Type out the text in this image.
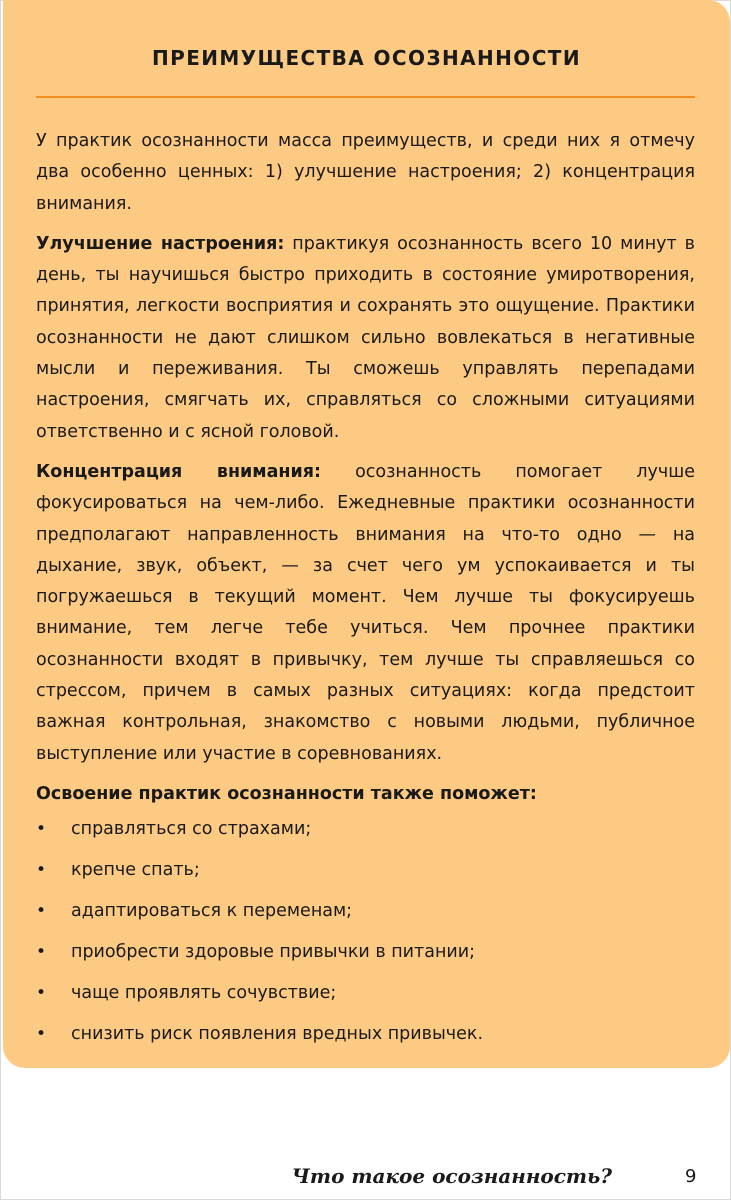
ПРЕИМУЩЕСТВА ОСОЗНАННОСТИ

У практик осознанности масса преимуществ, и среди них я отмечу два особенно ценных: 1) улучшение настроения; 2) концентрация внимания.

Улучшение настроения: практикуя осознанность всего 10 минут в день, ты научишься быстро приходить в состояние умиротворения, принятия, легкости восприятия и сохранять это ощущение. Практики осознанности не дают слишком сильно вовлекаться в негативные мысли и переживания. Ты сможешь управлять перепадами настроения, смягчать их, справляться со сложными ситуациями ответственно и с ясной головой.

Концентрация внимания: осознанность помогает лучше фокусироваться на чем-либо. Ежедневные практики осознанности предполагают направленность внимания на что-то одно — на дыхание, звук, объект, — за счет чего ум успокаивается и ты погружаешься в текущий момент. Чем лучше ты фокусируешь внимание, тем легче тебе учиться. Чем прочнее практики осознанности входят в привычку, тем лучше ты справляешься со стрессом, причем в самых разных ситуациях: когда предстоит важная контрольная, знакомство с новыми людьми, публичное выступление или участие в соревнованиях.

Освоение практик осознанности также поможет:

• справляться со страхами;
• крепче спать;
• адаптироваться к переменам;
• приобрести здоровые привычки в питании;
• чаще проявлять сочувствие;
• снизить риск появления вредных привычек.
Что такое осознанность?	9
